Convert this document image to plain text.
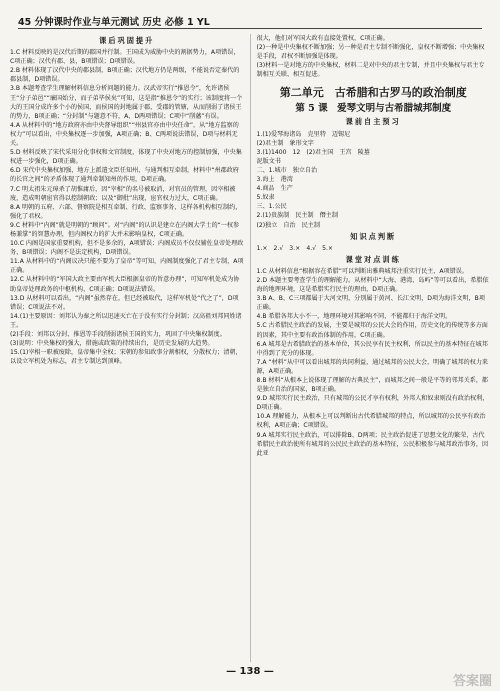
45 分钟课时作业与单元测试 历史 必修 1 YL
课后巩固提升

1.C 材料反映的是汉代后期的郡国并行制。王国成为威胁中央的割据势力，A项错误，C项正确；汉代有郡、县，B项错误；D项错误。

2.B 材料体现了汉代中央的郡县制，B项正确；汉代地方仍是两级，不能说否定秦代的郡县制，D项错误。

3.B 本题考查学生理解材料信息分析问题的能力。汉武帝实行“推恩令”，允许诸侯王“分子弟邑”“廉国始分，而子弟毕侯矣”可知，这是指“推恩令”的实行；该制度将一个大的王国分成许多个小的侯国，而侯国的封地属于郡，受郡的管辖，从而削弱了诸侯王的势力，B项正确；“分封制”与题意不符，A、D两项错误；C项中“削藩”有误。

4.A 从材料中的“地方政府亦由中央督导组织”“州县官亦由中央任命”，从“地方监察的权力”可以看出，中央集权逐一步加强，A项正确；B、C两项说法错误，D项与材料无关。

5.D 材料反映了宋代采用分化事权和文官制度，体现了中央对地方的控制加强，中央集权进一步强化，D项正确。

6.D 宋代中央集权加强，地方上派遣文臣任知州，与通判相互牵制，材料中“州郡政府的长官之间”的矛盾体现了通判牵制知州的作用，D项正确。

7.C 明太祖朱元璋杀了胡惟庸后，因“宰相”的名号被取消，对官员的管理，因宰相被废，造成明朝宦官得以控制朝政；以及“御批”出现，宦官权力过大，C项正确。

8.A 明朝的五府、六部、督察院是相互牵制、行政、监察事务，这样各机构相互制约，强化了君权。

9.C 材料中“内阁”就是明朝的“顾问”。对“内阁”的认识是建立在内阁大学士的“一权参杨兼掌”的智慧办理，但内阁权力的扩大并未影响皇权，C项正确。

10.C 内阁是国家重要机构，但不是多余的，A项错误；内阁成员不仅仅辅佐皇帝处理政务，B项错误；内阁不是法定机构，D项错误。

11.A 从材料中的“内阁议决只能不要为了皇帝”等可知，内阁制度强化了君主专制，A项正确。

12.C 从材料中的“军国大政主要由军机大臣根据皇帝的旨意办理”，可知军机处成为协助皇帝处理政务的中枢机构，C项正确；D项说法错误。

13.D 从材料可以看出，“内阁”虽然存在，但已经被取代，这样军机处“代之了”，D项错误；C项说法不对。

14.(1)主要原因：刘邦认为秦之所以迅速灭亡在于没有实行分封制；汉高祖刘邦同姓诸王。

(2)手段：刘邦以分封、推恩等手段削弱诸侯王国的实力，巩固了中央集权制度。

(3)说明：中央集权的强大，措施或政策的持续出台，是历史发展的大趋势。

15.(1)宰相一职被废除，皇帝集中全权；宋朝的参知政事分割相权，分散权力；清朝，以设立军机处为标志，君主专制达到顶峰。

很大，他们对军国大政有直接处置权，C项正确。

(2)一种是中央集权不断加强；另一种是君主专制不断强化，皇权不断增强；中央集权是手段，君权不断加强是体现。

(3)材料一是对地方的中央集权，材料二是对中央的君主专制，并且中央集权与君主专制相互关联、相互促进。

第二单元　古希腊和古罗马的政治制度
第 5 课　爱琴文明与古希腊城邦制度
课前自主预习

1.(1)爱琴海诸岛　克里特　迈锡尼

(2)君主制　象形文字

3.(1)1400　12　(2)君主国　王宫　陵墓

泥版文书

二、1.城市　独立自治

3.海上　港湾

4.商品　生产

5.奴隶

三、1.公民

2.(1)贵族制　民主制　僭主制

(2)独立　自治　民主制

知识点判断

1.×　2.√　3.×　4.√　5.×

课堂对点训练

1.C 从材料信息“根据容在希腊”可以判断出雅典城邦注重实行民主，A项错误。

2.D 本题主要考查学生的理解能力。从材料中“大海、港湾、岛屿”等可以看出，希腊依海的地理环境，这是希腊实行民主的理由，D项正确。

3.B A、B、C三项都属于大河文明，分别属于黄河、长江文明，D项为海洋文明，B项正确。

4.B 希腊各邦大小不一，地理环境对其影响不同，不能都归于海洋文明。

5.C 古希腊民主政治的发展，主要是城邦的公民大会的作用，历史文化的传统等多方面的因素，其中主要有政治体制的作用，C项正确。

6.A 城邦是古希腊政治的基本单位，其公民享有民主权利，所以民主的基本特征在城邦中得到了充分的体现。

7.A “材料”从中可以看出城邦的共同利益，通过城邦的公民大会，明确了城邦的权力来源，A项正确。

8.B 材料“从根本上说体现了理解的古典民主”，而城邦之间一般是平等的邻邦关系，都是独立自治的国家，B项正确。

9.D 城邦实行民主政治，只有城邦的公民才享有权利，外邦人和奴隶则没有政治权利，D项正确。

10.A 理解能力，从根本上可以判断出古代希腊城邦的特点，所以城邦的公民享有政治权利，A项正确；C项错误。

9.A 城邦实行民主政治，可以排除B、D两项；民主政治促进了思想文化的繁荣，古代希腊民主政治使所有城邦的公民民主政治的基本特征，公民积极参与城邦政治事务，因此亚

— 138 —
答案圈
